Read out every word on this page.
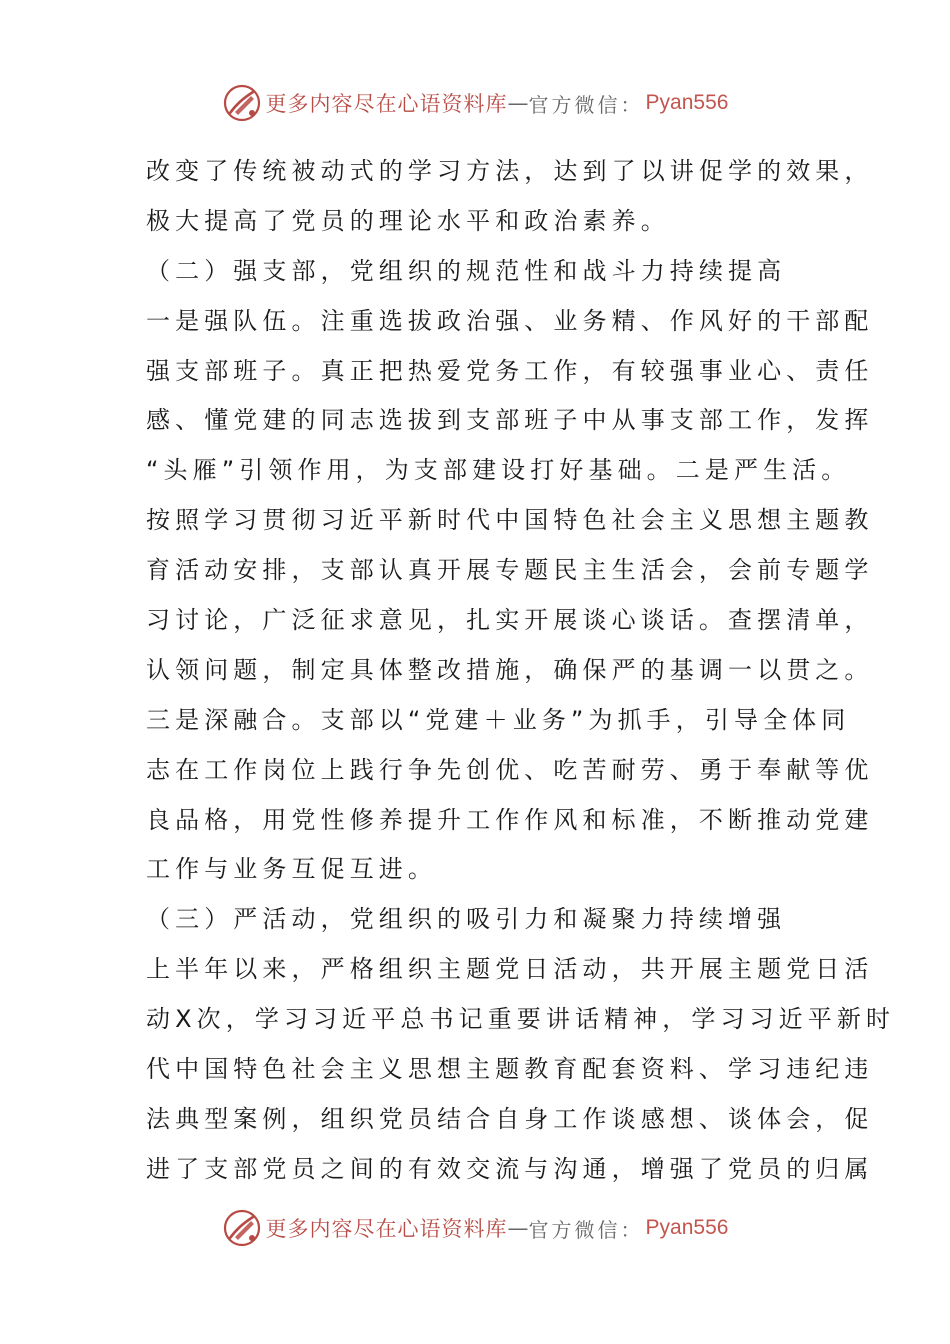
更多内容尽在心语资料库 — 官方微信： Pyan556
改变了传统被动式的学习方法，达到了以讲促学的效果，
极大提高了党员的理论水平和政治素养。
（二）强支部，党组织的规范性和战斗力持续提高
一是强队伍。注重选拔政治强、业务精、作风好的干部配
强支部班子。真正把热爱党务工作，有较强事业心、责任
感、懂党建的同志选拔到支部班子中从事支部工作，发挥
“头雁”引领作用，为支部建设打好基础。二是严生活。
按照学习贯彻习近平新时代中国特色社会主义思想主题教
育活动安排，支部认真开展专题民主生活会，会前专题学
习讨论，广泛征求意见，扎实开展谈心谈话。查摆清单，
认领问题，制定具体整改措施，确保严的基调一以贯之。
三是深融合。支部以“党建＋业务”为抓手，引导全体同
志在工作岗位上践行争先创优、吃苦耐劳、勇于奉献等优
良品格，用党性修养提升工作作风和标准，不断推动党建
工作与业务互促互进。
（三）严活动，党组织的吸引力和凝聚力持续增强
上半年以来，严格组织主题党日活动，共开展主题党日活
动X次，学习习近平总书记重要讲话精神，学习习近平新时
代中国特色社会主义思想主题教育配套资料、学习违纪违
法典型案例，组织党员结合自身工作谈感想、谈体会，促
进了支部党员之间的有效交流与沟通，增强了党员的归属
更多内容尽在心语资料库 — 官方微信： Pyan556
